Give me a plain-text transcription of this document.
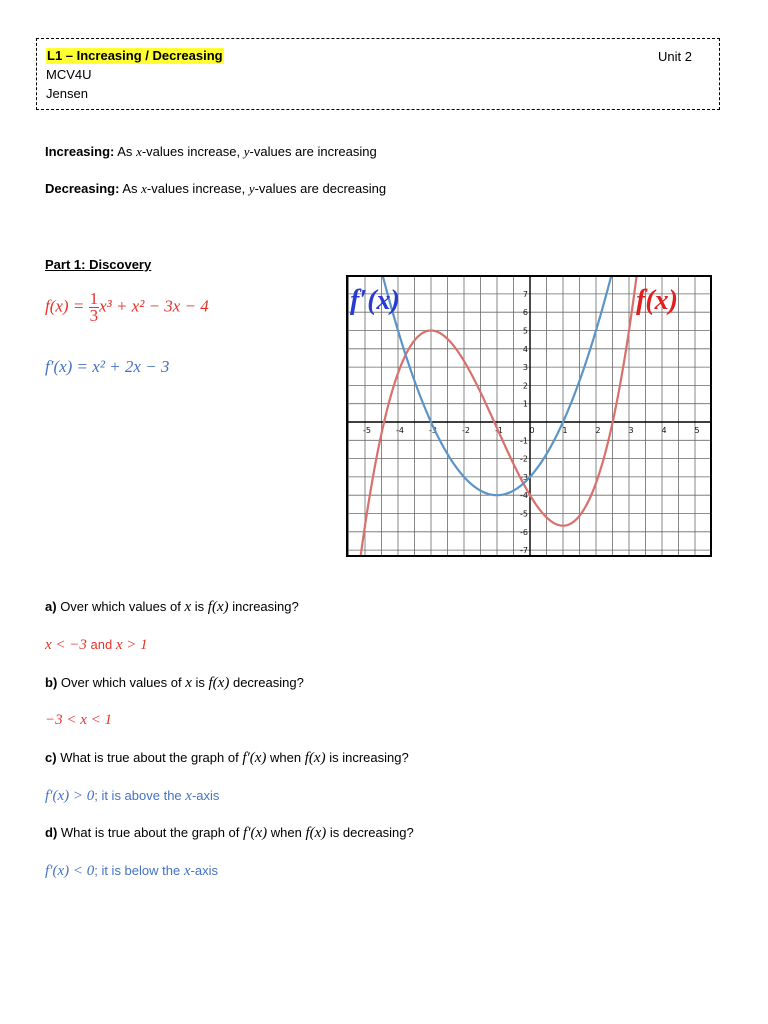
L1 – Increasing / Decreasing	Unit 2
MCV4U
Jensen
Increasing: As x-values increase, y-values are increasing
Decreasing: As x-values increase, y-values are decreasing
Part 1: Discovery
$f(x) = \frac{1}{3} x^3 + x^2 - 3x - 4$
f′(x) = x² + 2x − 3
-5	-4	-3	-2	-1	0	1	2	3	4	5
7
6
5
4
3
2
1
-1
-2
-3
-4
-5
-6
-7
f′(x)	f(x)
a) Over which values of x is f(x) increasing?
x < −3 and x > 1
b) Over which values of x is f(x) decreasing?
−3 < x < 1
c) What is true about the graph of f′(x) when f(x) is increasing?
f′(x) > 0; it is above the x-axis
d) What is true about the graph of f′(x) when f(x) is decreasing?
f′(x) < 0; it is below the x-axis
